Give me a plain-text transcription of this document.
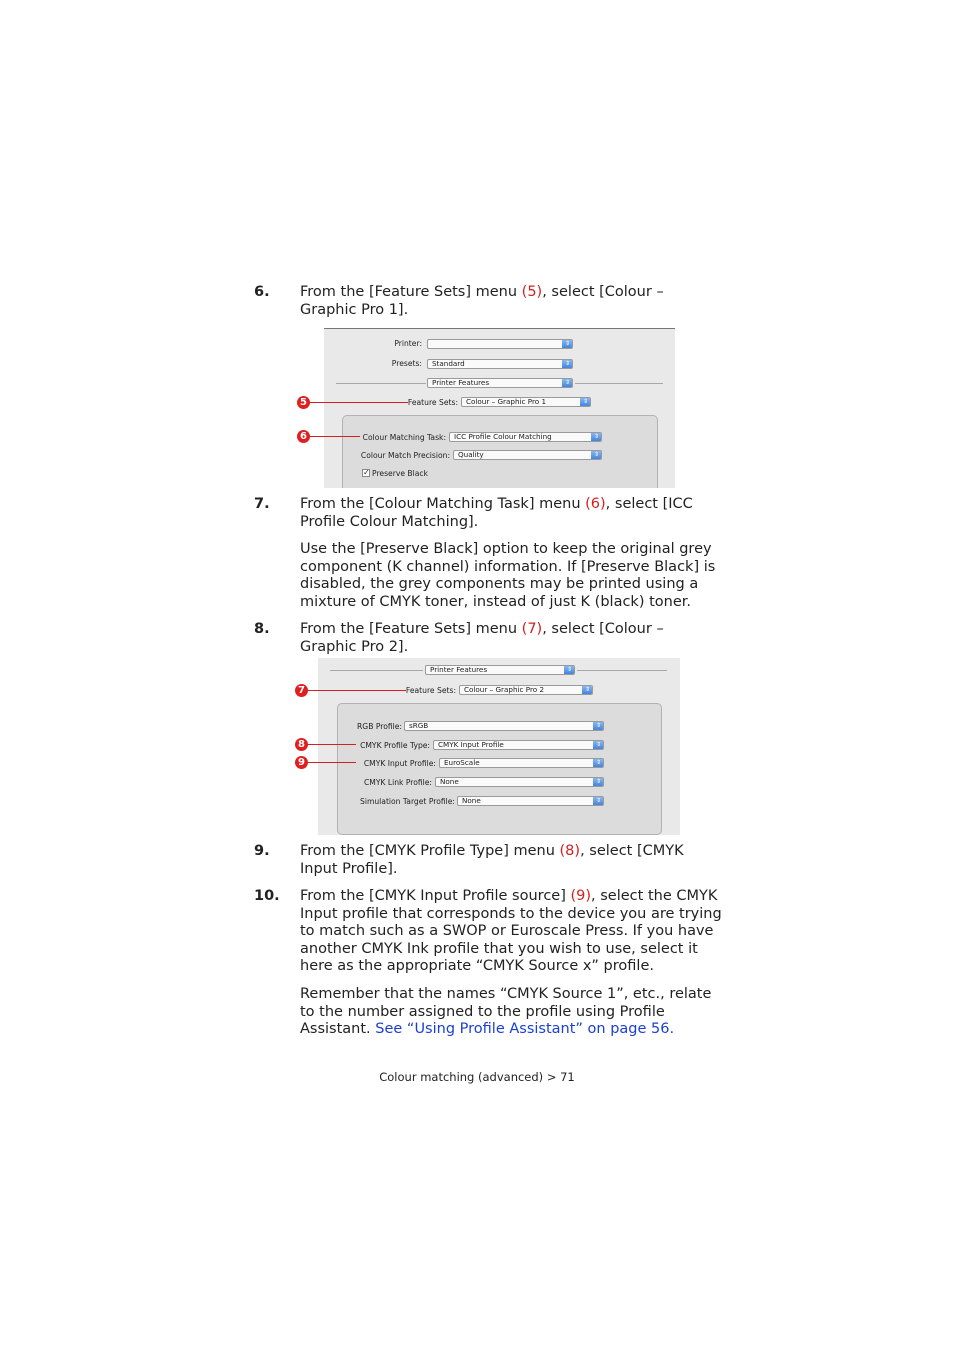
6. From the [Feature Sets] menu (5), select [Colour – Graphic Pro 1].
Printer:	⇕
Presets:	Standard	⇕
Printer Features	⇕
Feature Sets:	Colour – Graphic Pro 1	⇕
Colour Matching Task:	ICC Profile Colour Matching	⇕
Colour Match Precision:	Quality	⇕
✓ Preserve Black
5
6
7. From the [Colour Matching Task] menu (6), select [ICC Profile Colour Matching].
Use the [Preserve Black] option to keep the original grey component (K channel) information. If [Preserve Black] is disabled, the grey components may be printed using a mixture of CMYK toner, instead of just K (black) toner.
8. From the [Feature Sets] menu (7), select [Colour – Graphic Pro 2].
Printer Features	⇕
Feature Sets:	Colour – Graphic Pro 2	⇕
RGB Profile: sRGB	⇕
CMYK Profile Type:	CMYK Input Profile	⇕
CMYK Input Profile:	EuroScale	⇕
CMYK Link Profile:	None	⇕
Simulation Target Profile: None	⇕
7
8
9
9. From the [CMYK Profile Type] menu (8), select [CMYK Input Profile].
10. From the [CMYK Input Profile source] (9), select the CMYK Input profile that corresponds to the device you are trying to match such as a SWOP or Euroscale Press. If you have another CMYK Ink profile that you wish to use, select it here as the appropriate “CMYK Source x” profile.
Remember that the names “CMYK Source 1”, etc., relate to the number assigned to the profile using Profile Assistant. See “Using Profile Assistant” on page 56.
Colour matching (advanced) > 71
